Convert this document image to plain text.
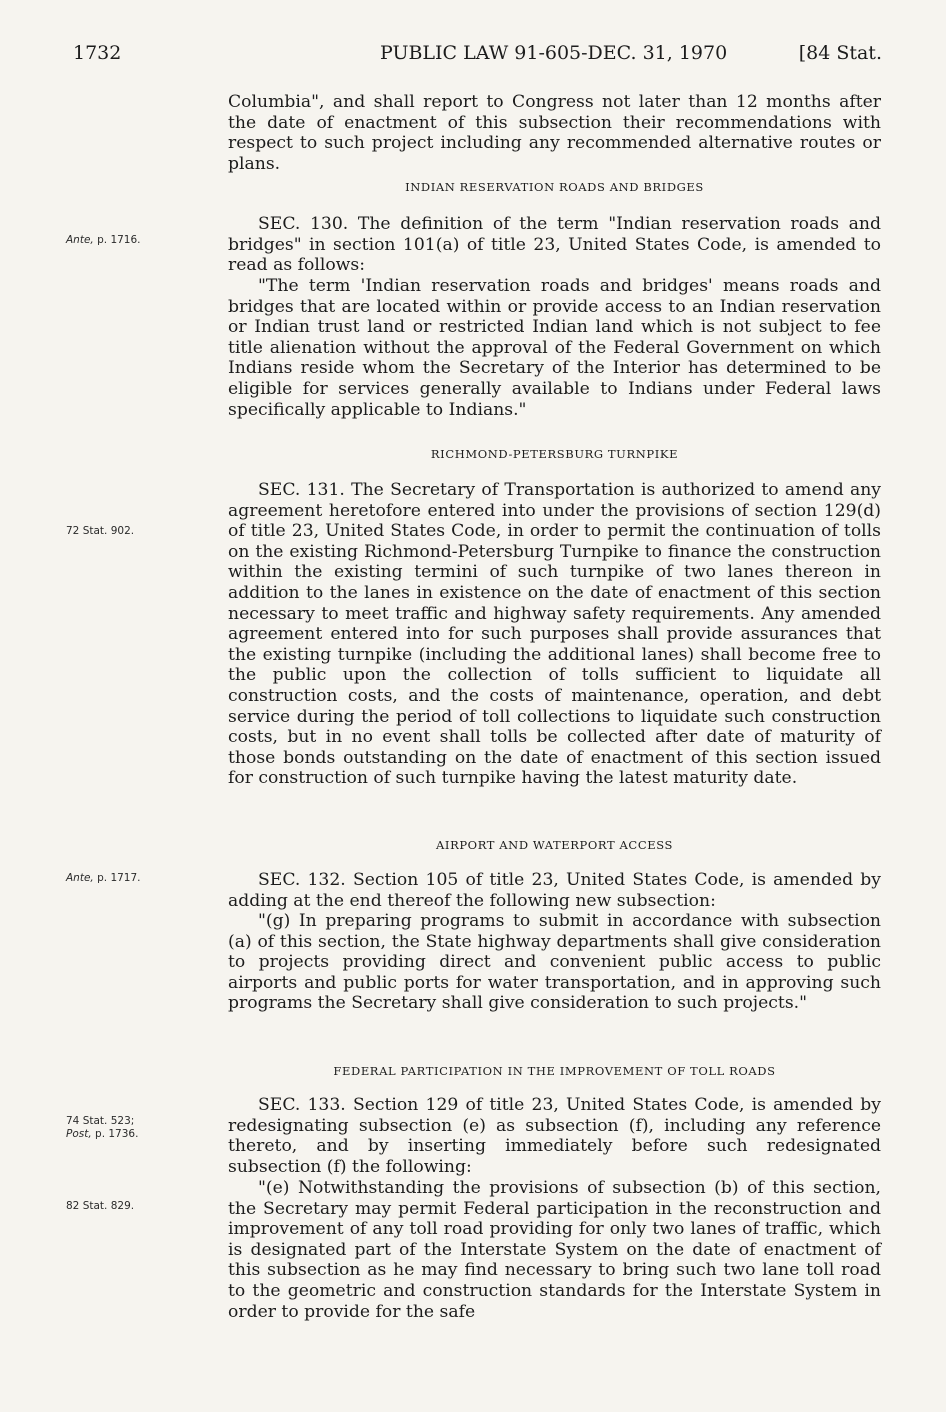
1732	PUBLIC LAW 91-605-DEC. 31, 1970	[84 Stat.
Ante, p. 1716.
72 Stat. 902.
Ante, p. 1717.
74 Stat. 523;
Post, p. 1736.
82 Stat. 829.

Columbia", and shall report to Congress not later than 12 months after the date of enactment of this subsection their recommendations with respect to such project including any recommended alternative routes or plans.

INDIAN RESERVATION ROADS AND BRIDGES

SEC. 130. The definition of the term "Indian reservation roads and bridges" in section 101(a) of title 23, United States Code, is amended to read as follows:

"The term 'Indian reservation roads and bridges' means roads and bridges that are located within or provide access to an Indian reservation or Indian trust land or restricted Indian land which is not subject to fee title alienation without the approval of the Federal Government on which Indians reside whom the Secretary of the Interior has determined to be eligible for services generally available to Indians under Federal laws specifically applicable to Indians."

RICHMOND-PETERSBURG TURNPIKE

SEC. 131. The Secretary of Transportation is authorized to amend any agreement heretofore entered into under the provisions of section 129(d) of title 23, United States Code, in order to permit the continuation of tolls on the existing Richmond-Petersburg Turnpike to finance the construction within the existing termini of such turnpike of two lanes thereon in addition to the lanes in existence on the date of enactment of this section necessary to meet traffic and highway safety requirements. Any amended agreement entered into for such purposes shall provide assurances that the existing turnpike (including the additional lanes) shall become free to the public upon the collection of tolls sufficient to liquidate all construction costs, and the costs of maintenance, operation, and debt service during the period of toll collections to liquidate such construction costs, but in no event shall tolls be collected after date of maturity of those bonds outstanding on the date of enactment of this section issued for construction of such turnpike having the latest maturity date.

AIRPORT AND WATERPORT ACCESS

SEC. 132. Section 105 of title 23, United States Code, is amended by adding at the end thereof the following new subsection:

"(g) In preparing programs to submit in accordance with subsection (a) of this section, the State highway departments shall give consideration to projects providing direct and convenient public access to public airports and public ports for water transportation, and in approving such programs the Secretary shall give consideration to such projects."

FEDERAL PARTICIPATION IN THE IMPROVEMENT OF TOLL ROADS

SEC. 133. Section 129 of title 23, United States Code, is amended by redesignating subsection (e) as subsection (f), including any reference thereto, and by inserting immediately before such redesignated subsection (f) the following:

"(e) Notwithstanding the provisions of subsection (b) of this section, the Secretary may permit Federal participation in the reconstruction and improvement of any toll road providing for only two lanes of traffic, which is designated part of the Interstate System on the date of enactment of this subsection as he may find necessary to bring such two lane toll road to the geometric and construction standards for the Interstate System in order to provide for the safe
